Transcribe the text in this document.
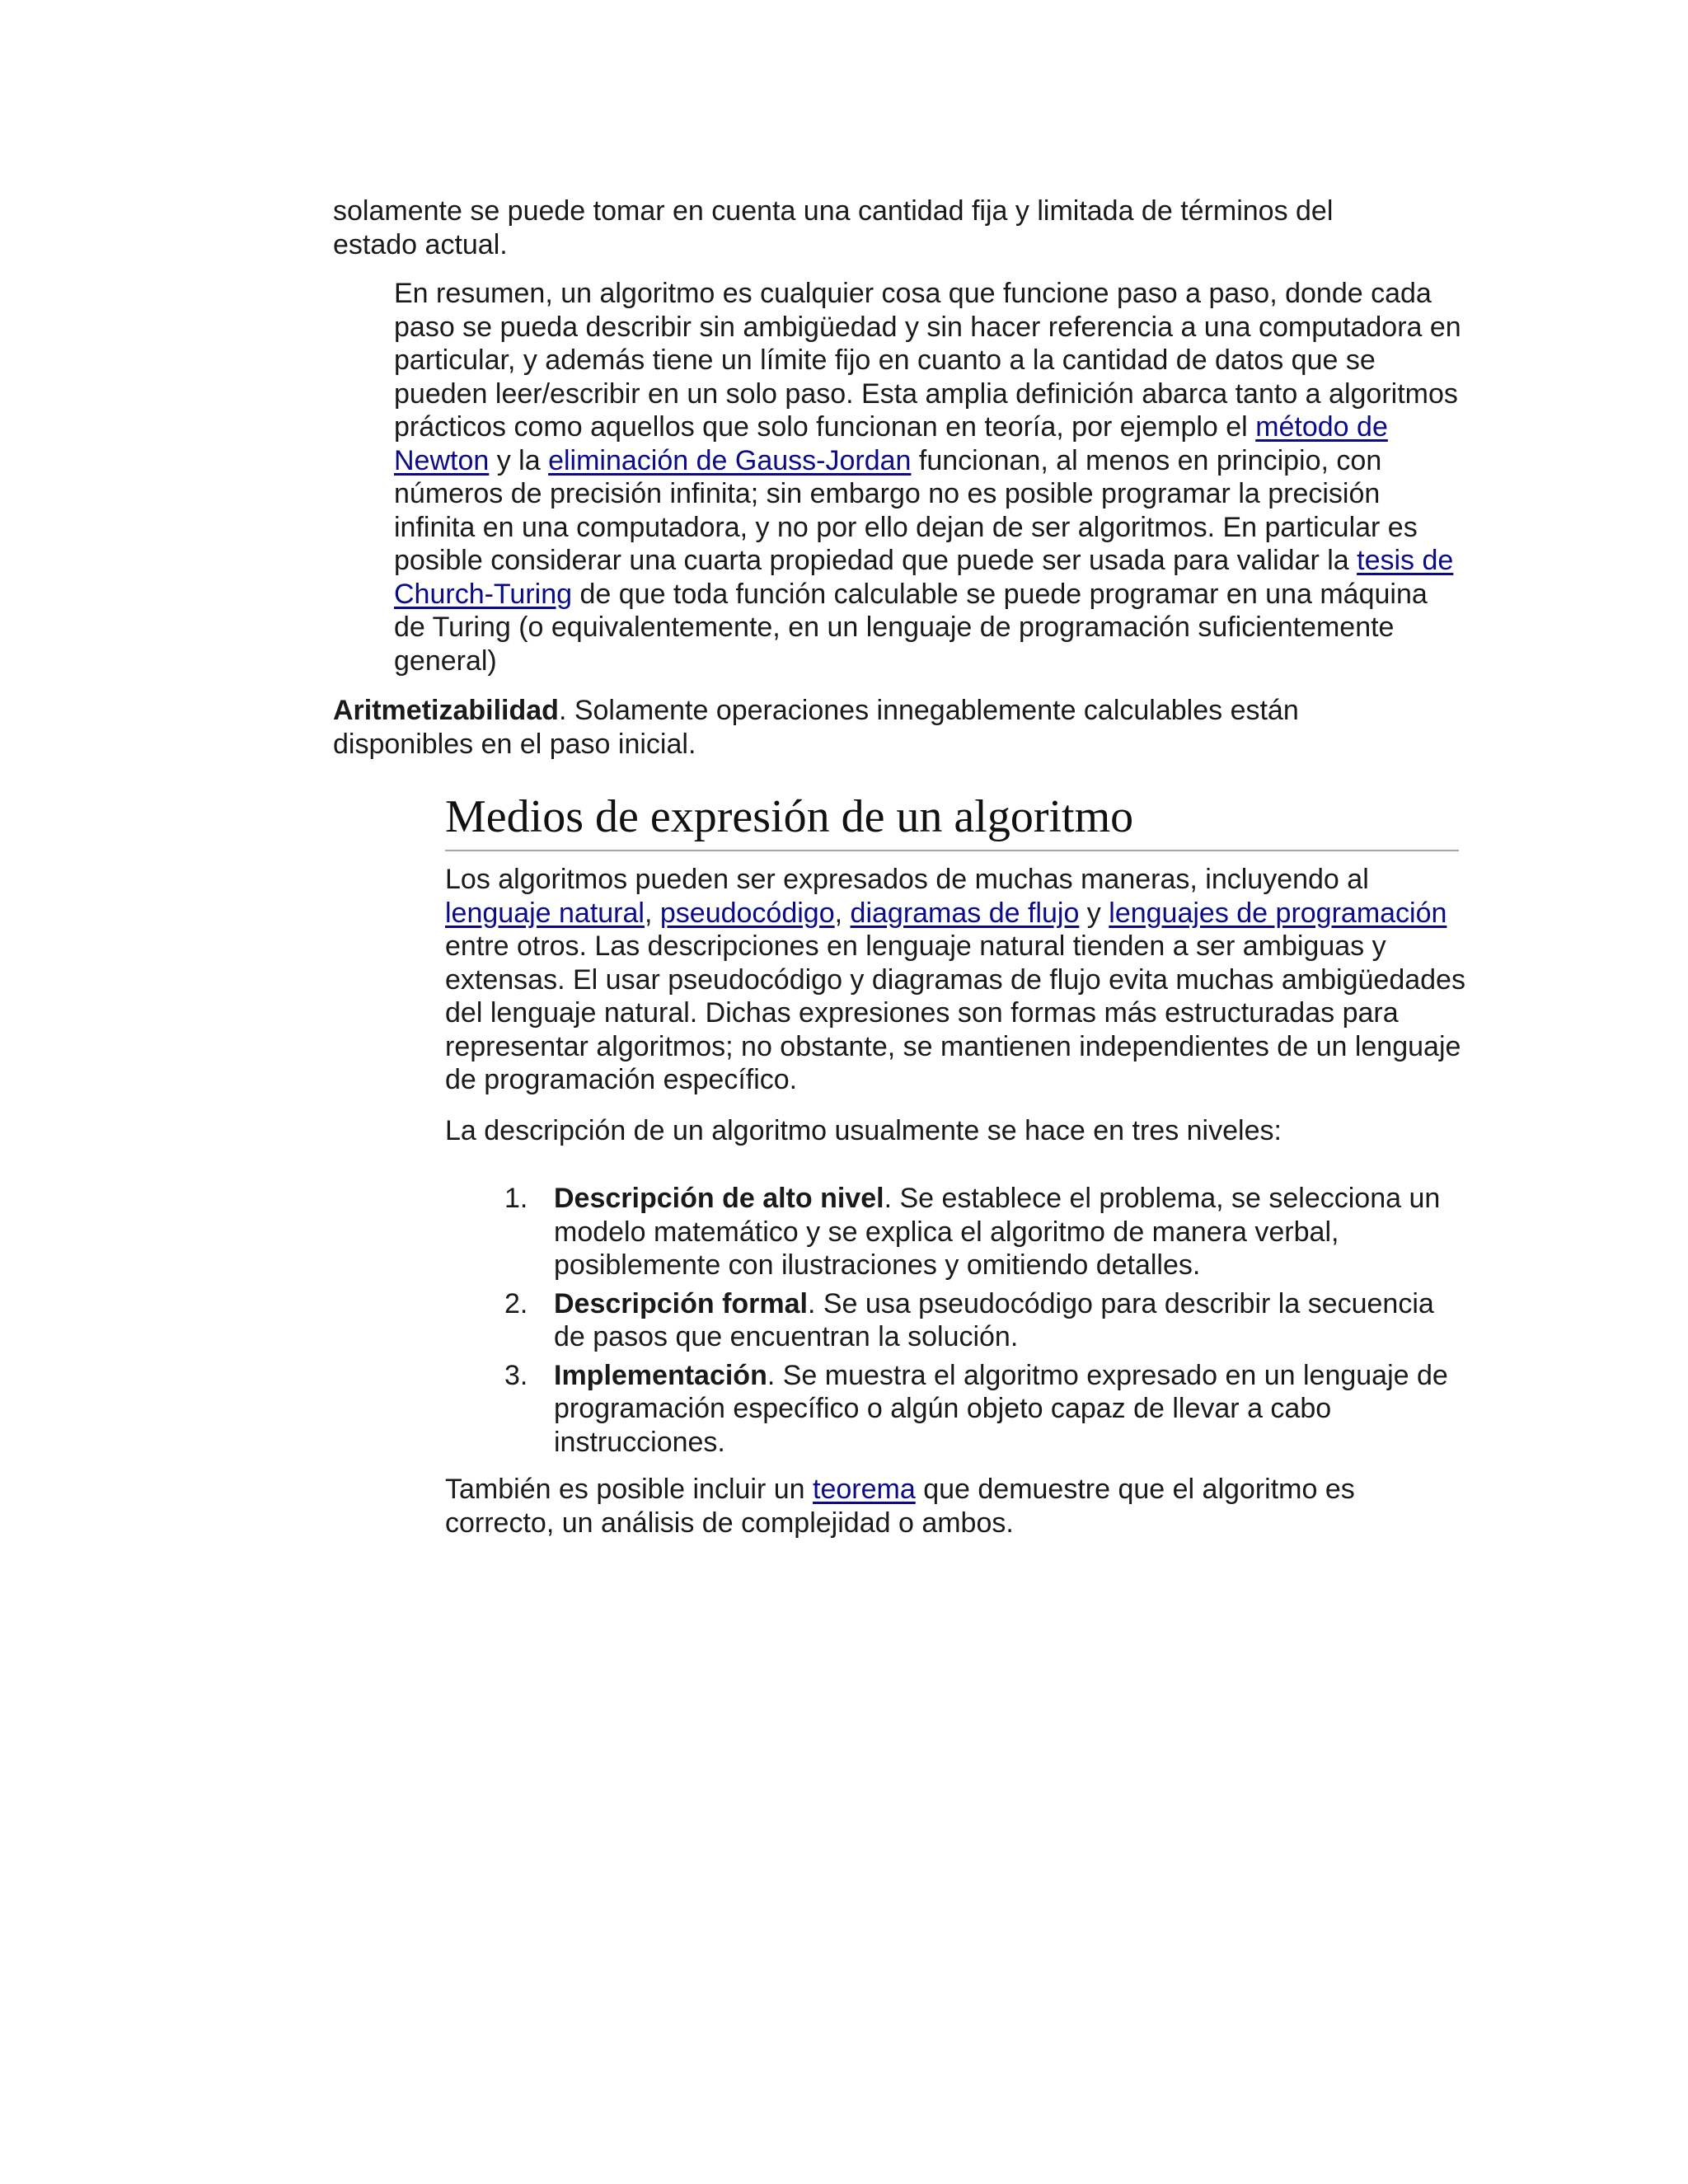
solamente se puede tomar en cuenta una cantidad fija y limitada de términos del estado actual.

En resumen, un algoritmo es cualquier cosa que funcione paso a paso, donde cada paso se pueda describir sin ambigüedad y sin hacer referencia a una computadora en particular, y además tiene un límite fijo en cuanto a la cantidad de datos que se pueden leer/escribir en un solo paso. Esta amplia definición abarca tanto a algoritmos prácticos como aquellos que solo funcionan en teoría, por ejemplo el método de Newton y la eliminación de Gauss-Jordan funcionan, al menos en principio, con números de precisión infinita; sin embargo no es posible programar la precisión infinita en una computadora, y no por ello dejan de ser algoritmos. En particular es posible considerar una cuarta propiedad que puede ser usada para validar la tesis de Church-Turing de que toda función calculable se puede programar en una máquina de Turing (o equivalentemente, en un lenguaje de programación suficientemente general)

Aritmetizabilidad. Solamente operaciones innegablemente calculables están disponibles en el paso inicial.

Medios de expresión de un algoritmo

Los algoritmos pueden ser expresados de muchas maneras, incluyendo al lenguaje natural, pseudocódigo, diagramas de flujo y lenguajes de programación entre otros. Las descripciones en lenguaje natural tienden a ser ambiguas y extensas. El usar pseudocódigo y diagramas de flujo evita muchas ambigüedades del lenguaje natural. Dichas expresiones son formas más estructuradas para representar algoritmos; no obstante, se mantienen independientes de un lenguaje de programación específico.

La descripción de un algoritmo usualmente se hace en tres niveles:

1. Descripción de alto nivel. Se establece el problema, se selecciona un modelo matemático y se explica el algoritmo de manera verbal, posiblemente con ilustraciones y omitiendo detalles.
2. Descripción formal. Se usa pseudocódigo para describir la secuencia de pasos que encuentran la solución.
3. Implementación. Se muestra el algoritmo expresado en un lenguaje de programación específico o algún objeto capaz de llevar a cabo instrucciones.

También es posible incluir un teorema que demuestre que el algoritmo es correcto, un análisis de complejidad o ambos.
